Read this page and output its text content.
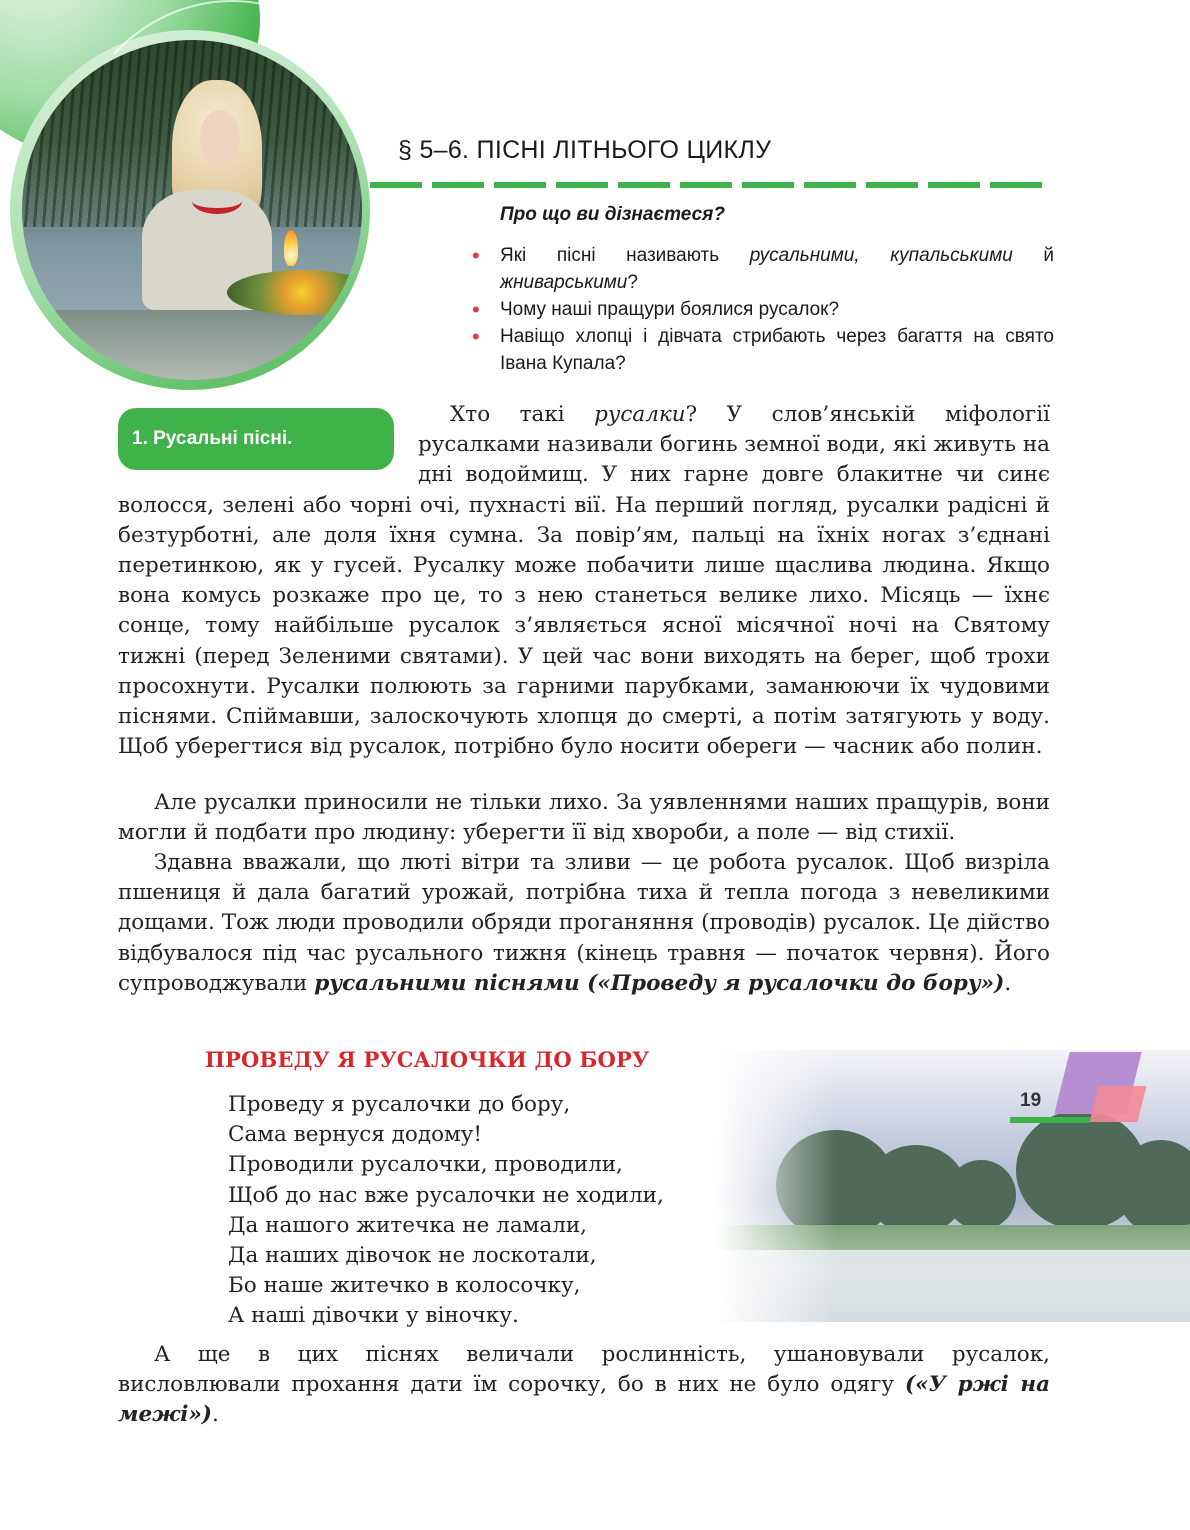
§ 5–6. ПІСНІ ЛІТНЬОГО ЦИКЛУ
Про що ви дізнаєтеся?
• Які пісні називають русальними, купальськими й жниварськими?
• Чому наші пращури боялися русалок?
• Навіщо хлопці і дівчата стрибають через багаття на свято Івана Купала?
1. Русальні пісні.

Хто такі русалки? У слов’янській міфології русалками називали богинь земної води, які живуть на дні водоймищ. У них гарне довге блакитне чи синє волосся, зелені або чорні очі, пухнасті вії. На перший погляд, русалки радісні й безтурботні, але доля їхня сумна. За повір’ям, пальці на їхніх ногах з’єднані перетинкою, як у гусей. Русалку може побачити лише щаслива людина. Якщо вона комусь розкаже про це, то з нею станеться велике лихо. Місяць — їхнє сонце, тому найбільше русалок з’являється ясної місячної ночі на Святому тижні (перед Зеленими святами). У цей час вони виходять на берег, щоб трохи просохнути. Русалки полюють за гарними парубками, заманюючи їх чудовими піснями. Спіймавши, залоскочують хлопця до смерті, а потім затягують у воду. Щоб уберегтися від русалок, потрібно було носити обереги — часник або полин.

Але русалки приносили не тільки лихо. За уявленнями наших пращурів, вони могли й подбати про людину: уберегти її від хвороби, а поле — від стихії.

Здавна вважали, що люті вітри та зливи — це робота русалок. Щоб визріла пшениця й дала багатий урожай, потрібна тиха й тепла погода з невеликими дощами. Тож люди проводили обряди проганяння (проводів) русалок. Це дійство відбувалося під час русального тижня (кінець травня — початок червня). Його супроводжували русальними піснями («Проведу я русалочки до бору»).

ПРОВЕДУ Я РУСАЛОЧКИ ДО БОРУ
Проведу я русалочки до бору,
Сама вернуся додому!
Проводили русалочки, проводили,
Щоб до нас вже русалочки не ходили,
Да нашого житечка не ламали,
Да наших дівочок не лоскотали,
Бо наше житечко в колосочку,
А наші дівочки у віночку.

А ще в цих піснях величали рослинність, ушановували русалок, висловлювали прохання дати їм сорочку, бо в них не було одягу («У ржі на межі»).

19
